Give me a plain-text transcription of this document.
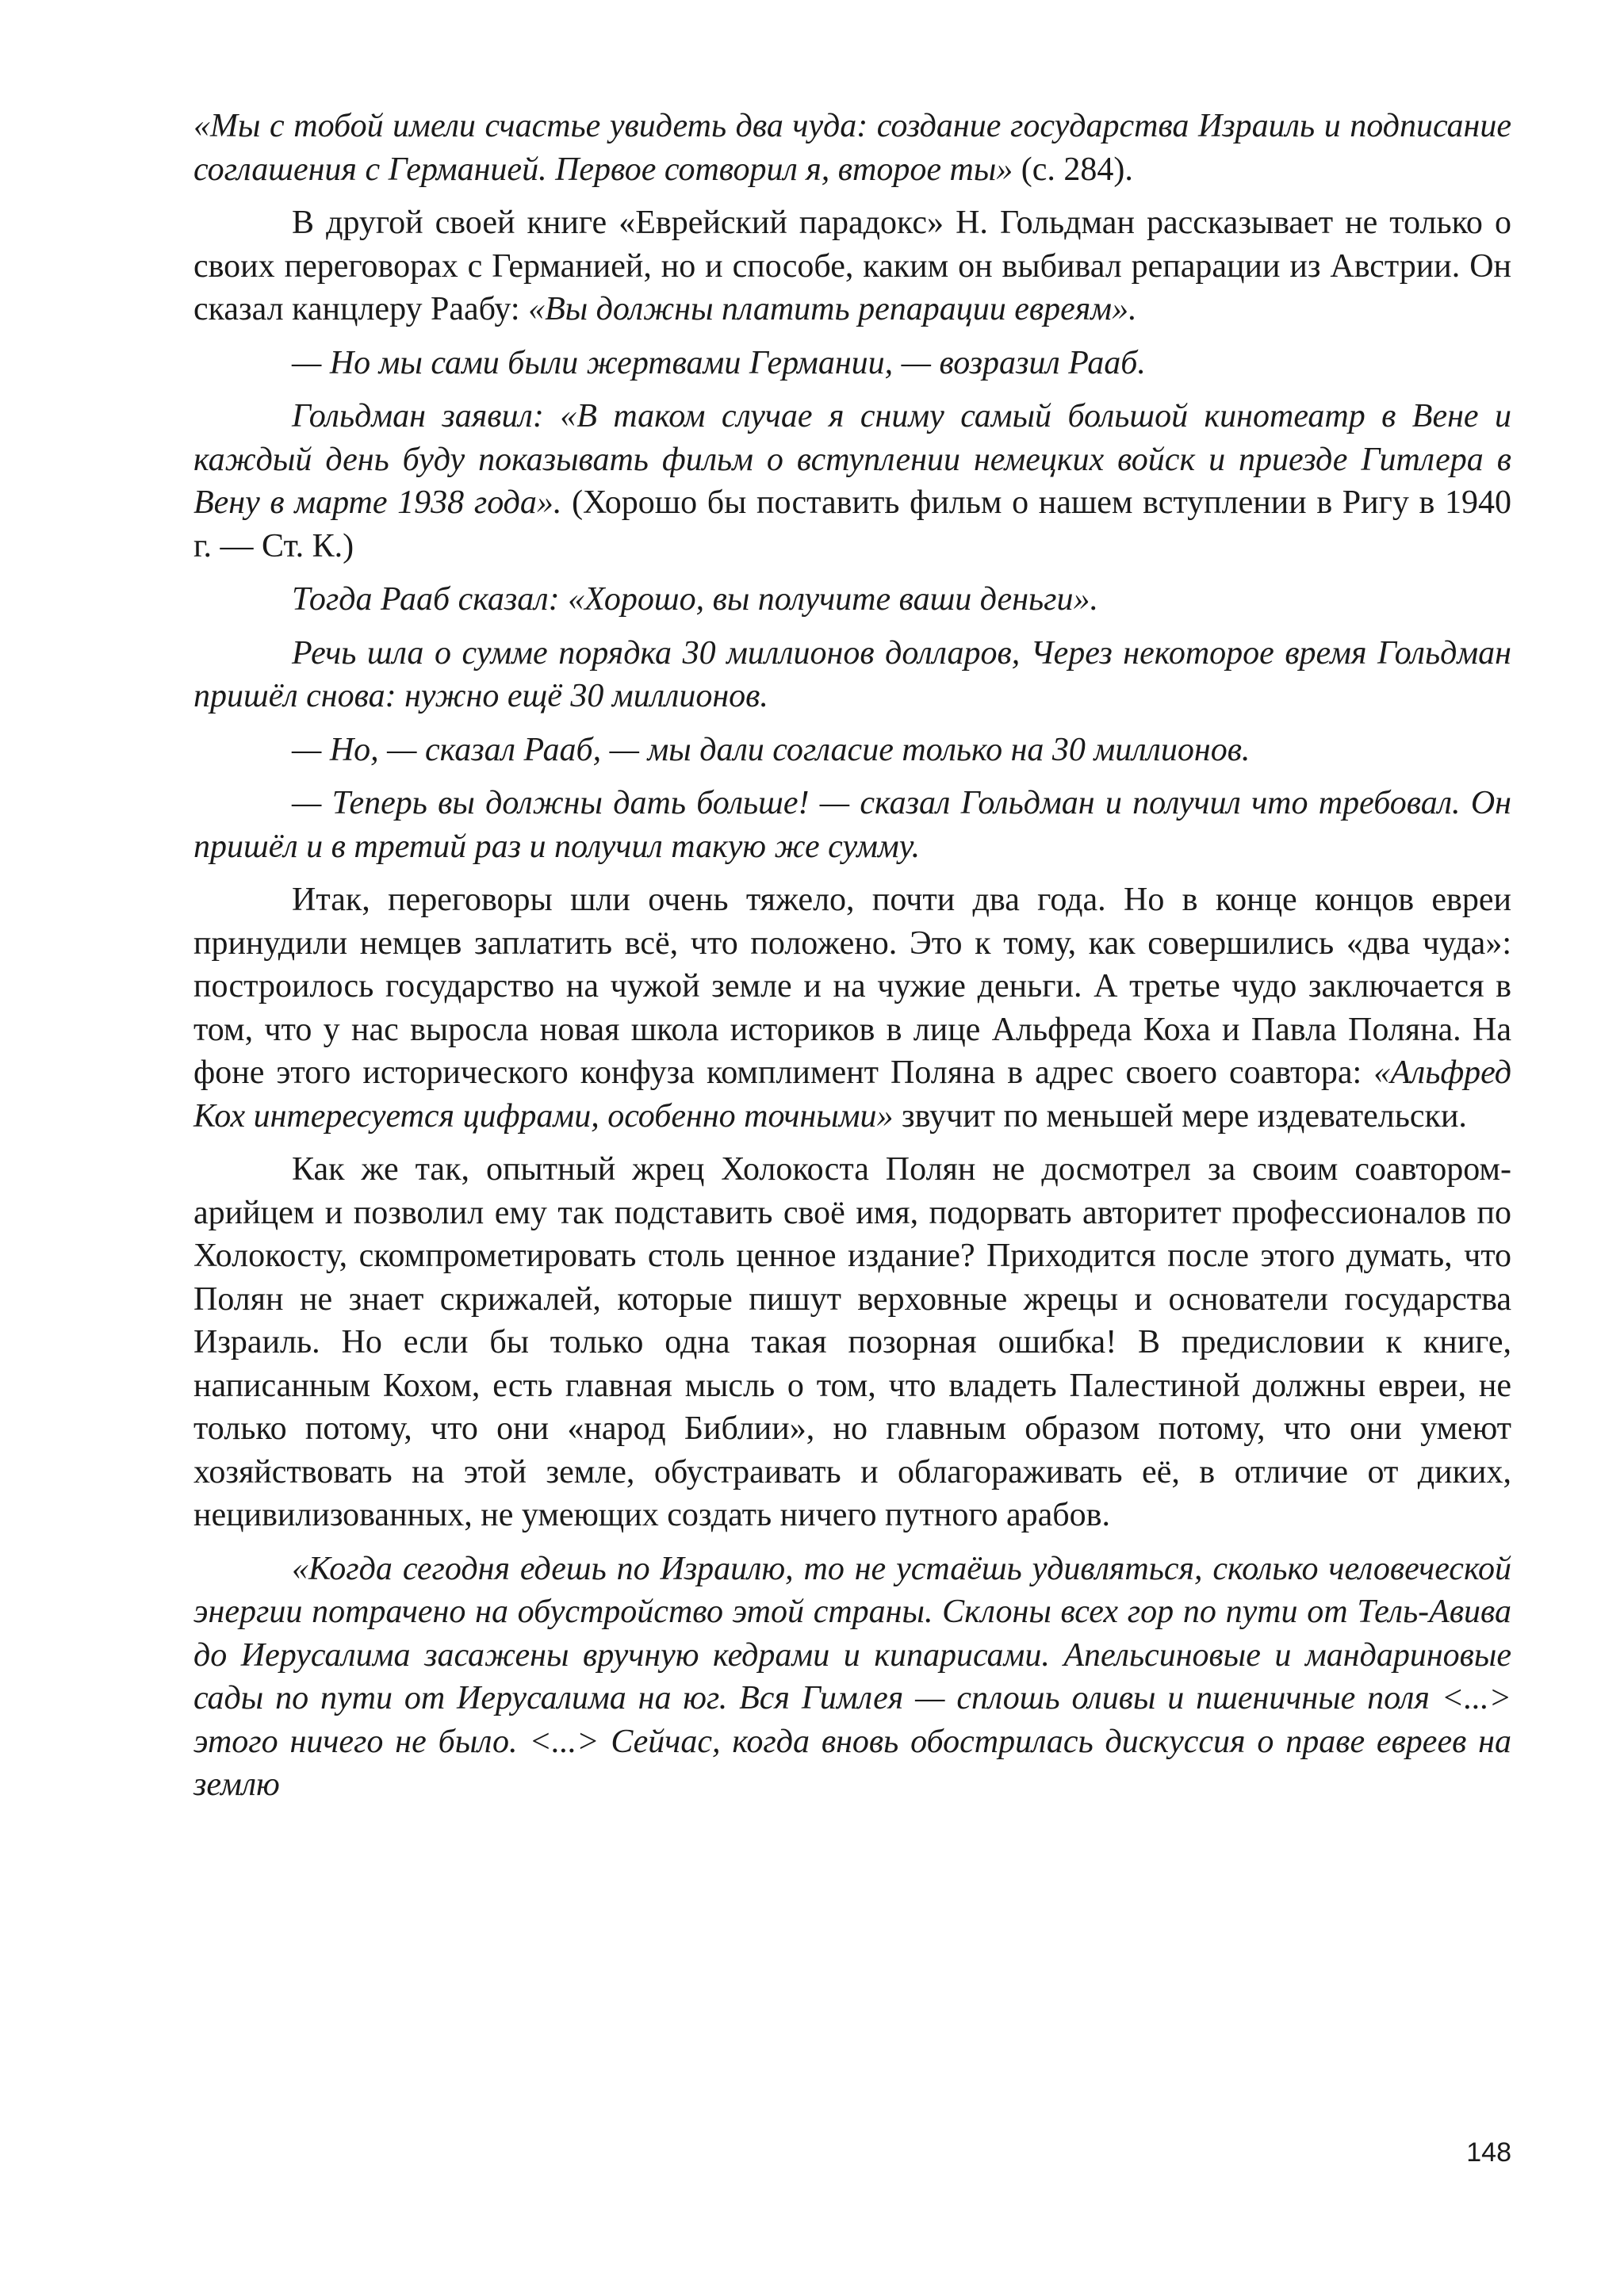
«Мы с тобой имели счастье увидеть два чуда: создание государства Израиль и подписание соглашения с Германией. Первое сотворил я, второе ты» (с. 284).

В другой своей книге «Еврейский парадокс» Н. Гольдман рассказывает не только о своих переговорах с Германией, но и способе, каким он выбивал репарации из Австрии. Он сказал канцлеру Раабу: «Вы должны платить репарации евреям».

— Но мы сами были жертвами Германии, — возразил Рааб.

Гольдман заявил: «В таком случае я сниму самый большой кинотеатр в Вене и каждый день буду показывать фильм о вступлении немецких войск и приезде Гитлера в Вену в марте 1938 года». (Хорошо бы поставить фильм о нашем вступлении в Ригу в 1940 г. — Ст. К.)

Тогда Рааб сказал: «Хорошо, вы получите ваши деньги».

Речь шла о сумме порядка 30 миллионов долларов, Через некоторое время Гольдман пришёл снова: нужно ещё 30 миллионов.

— Но, — сказал Рааб, — мы дали согласие только на 30 миллионов.

— Теперь вы должны дать больше! — сказал Гольдман и получил что требовал. Он пришёл и в третий раз и получил такую же сумму.

Итак, переговоры шли очень тяжело, почти два года. Но в конце концов евреи принудили немцев заплатить всё, что положено. Это к тому, как совершились «два чуда»: построилось государство на чужой земле и на чужие деньги. А третье чудо заключается в том, что у нас выросла новая школа историков в лице Альфреда Коха и Павла Поляна. На фоне этого исторического конфуза комплимент Поляна в адрес своего соавтора: «Альфред Кох интересуется цифрами, особенно точными» звучит по меньшей мере издевательски.

Как же так, опытный жрец Холокоста Полян не досмотрел за своим соавтором-арийцем и позволил ему так подставить своё имя, подорвать авторитет профессионалов по Холокосту, скомпрометировать столь ценное издание? Приходится после этого думать, что Полян не знает скрижалей, которые пишут верховные жрецы и основатели государства Израиль. Но если бы только одна такая позорная ошибка! В предисловии к книге, написанным Кохом, есть главная мысль о том, что владеть Палестиной должны евреи, не только потому, что они «народ Библии», но главным образом потому, что они умеют хозяйствовать на этой земле, обустраивать и облагораживать её, в отличие от диких, нецивилизованных, не умеющих создать ничего путного арабов.

«Когда сегодня едешь по Израилю, то не устаёшь удивляться, сколько человеческой энергии потрачено на обустройство этой страны. Склоны всех гор по пути от Тель-Авива до Иерусалима засажены вручную кедрами и кипарисами. Апельсиновые и мандариновые сады по пути от Иерусалима на юг. Вся Гимлея — сплошь оливы и пшеничные поля <...> этого ничего не было. <...> Сейчас, когда вновь обострилась дискуссия о праве евреев на землю

148
